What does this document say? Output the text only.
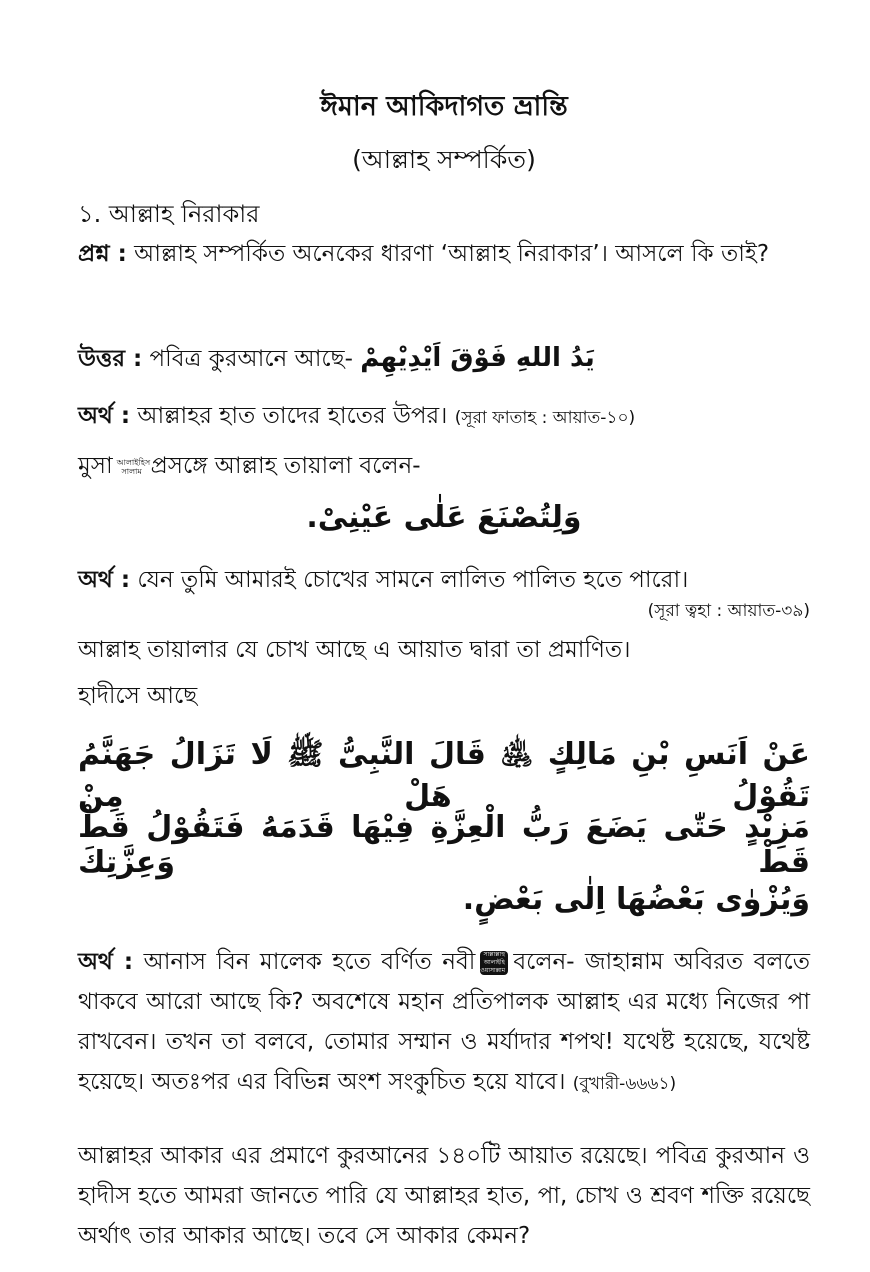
ঈমান আকিদাগত ভ্রান্তি
(আল্লাহ সম্পর্কিত)
১. আল্লাহ নিরাকার
প্রশ্ন : আল্লাহ সম্পর্কিত অনেকের ধারণা ‘আল্লাহ নিরাকার’। আসলে কি তাই?
উত্তর : পবিত্র কুরআনে আছে- يَدُ اللهِ فَوْقَ اَيْدِيْهِمْ
অর্থ : আল্লাহর হাত তাদের হাতের উপর। (সূরা ফাতাহ : আয়াত-১০)
মুসা আলাইহিস সালাম প্রসঙ্গে আল্লাহ তায়ালা বলেন-
وَلِتُصْنَعَ عَلٰى عَيْنِىْ.
অর্থ : যেন তুমি আমারই চোখের সামনে লালিত পালিত হতে পারো।
(সূরা ত্বহা : আয়াত-৩৯)
আল্লাহ তায়ালার যে চোখ আছে এ আয়াত দ্বারা তা প্রমাণিত।
হাদীসে আছে
عَنْ اَنَسِ بْنِ مَالِكٍ ﵁ قَالَ النَّبِىُّ ﷺ لَا تَزَالُ جَهَنَّمُ تَقُوْلُ هَلْ مِنْ
مَزِيْدٍ حَتّٰى يَضَعَ رَبُّ الْعِزَّةِ فِيْهَا قَدَمَهُ فَتَقُوْلُ قَطْ قَطْ وَعِزَّتِكَ
وَيُزْوٰى بَعْضُهَا اِلٰى بَعْضٍ.
অর্থ : আনাস বিন মালেক হতে বর্ণিত নবী সাল্লাল্লাহু আলাইহি ওয়াসাল্লাম বলেন- জাহান্নাম অবিরত বলতে থাকবে আরো আছে কি? অবশেষে মহান প্রতিপালক আল্লাহ এর মধ্যে নিজের পা রাখবেন। তখন তা বলবে, তোমার সম্মান ও মর্যাদার শপথ! যথেষ্ট হয়েছে, যথেষ্ট হয়েছে। অতঃপর এর বিভিন্ন অংশ সংকুচিত হয়ে যাবে। (বুখারী-৬৬৬১)
আল্লাহর আকার এর প্রমাণে কুরআনের ১৪০টি আয়াত রয়েছে। পবিত্র কুরআন ও হাদীস হতে আমরা জানতে পারি যে আল্লাহর হাত, পা, চোখ ও শ্রবণ শক্তি রয়েছে অর্থাৎ তার আকার আছে। তবে সে আকার কেমন?
